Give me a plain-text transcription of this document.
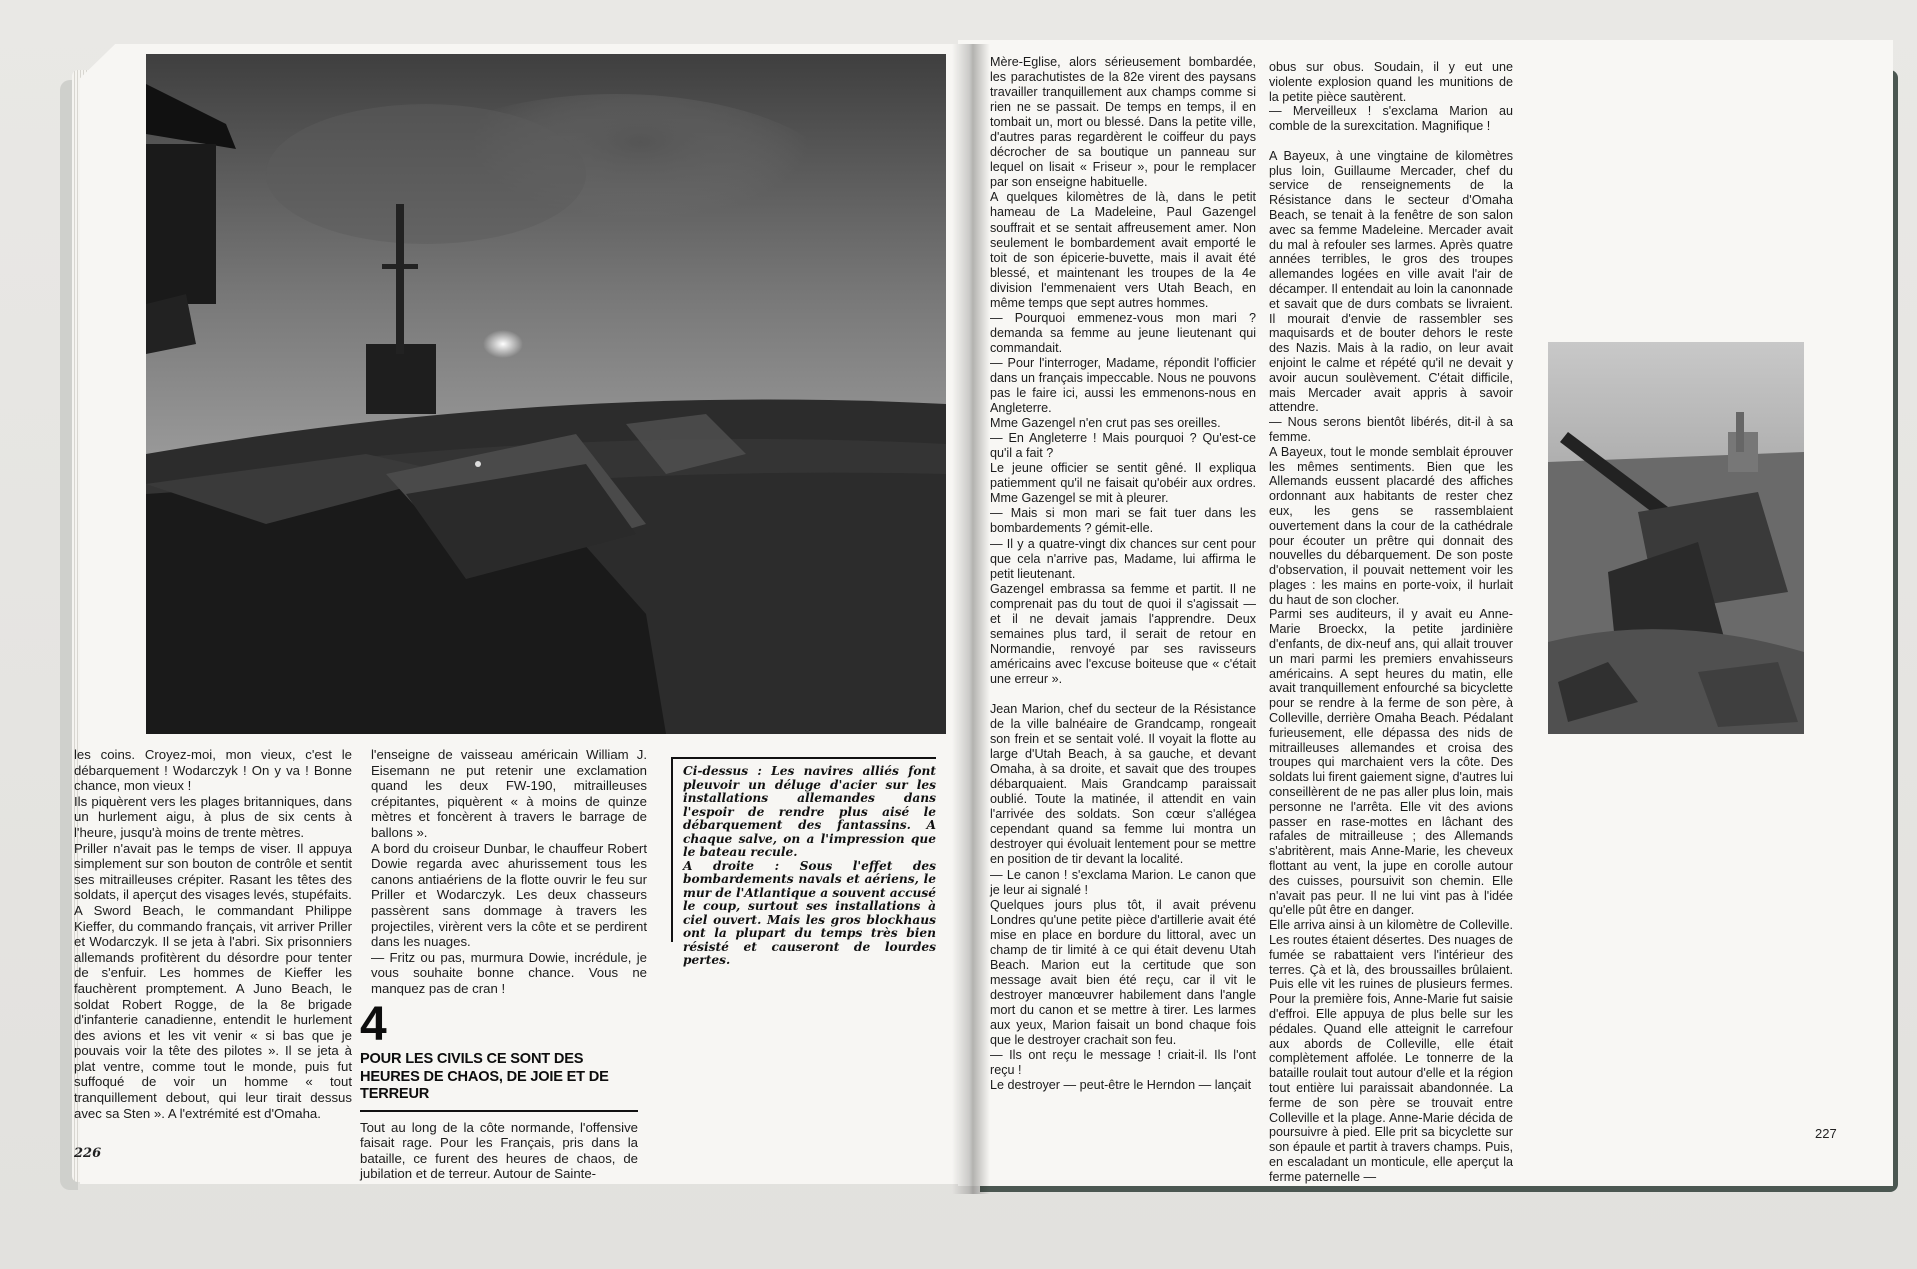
les coins. Croyez-moi, mon vieux, c'est le débarquement ! Wodarczyk ! On y va ! Bonne chance, mon vieux !
Ils piquèrent vers les plages britanniques, dans un hurlement aigu, à plus de six cents à l'heure, jusqu'à moins de trente mètres.
Priller n'avait pas le temps de viser. Il appuya simplement sur son bouton de contrôle et sentit ses mitrailleuses crépiter. Rasant les têtes des soldats, il aperçut des visages levés, stupéfaits.
A Sword Beach, le commandant Philippe Kieffer, du commando français, vit arriver Priller et Wodarczyk. Il se jeta à l'abri. Six prisonniers allemands profitèrent du désordre pour tenter de s'enfuir. Les hommes de Kieffer les fauchèrent promptement. A Juno Beach, le soldat Robert Rogge, de la 8e brigade d'infanterie canadienne, entendit le hurlement des avions et les vit venir « si bas que je pouvais voir la tête des pilotes ». Il se jeta à plat ventre, comme tout le monde, puis fut suffoqué de voir un homme « tout tranquillement debout, qui leur tirait dessus avec sa Sten ». A l'extrémité est d'Omaha.

l'enseigne de vaisseau américain William J. Eisemann ne put retenir une exclamation quand les deux FW-190, mitrailleuses crépitantes, piquèrent « à moins de quinze mètres et foncèrent à travers le barrage de ballons ».
A bord du croiseur Dunbar, le chauffeur Robert Dowie regarda avec ahurissement tous les canons antiaériens de la flotte ouvrir le feu sur Priller et Wodarczyk. Les deux chasseurs passèrent sans dommage à travers les projectiles, virèrent vers la côte et se perdirent dans les nuages.
— Fritz ou pas, murmura Dowie, incrédule, je vous souhaite bonne chance. Vous ne manquez pas de cran !

Ci-dessus : Les navires alliés font pleuvoir un déluge d'acier sur les installations allemandes dans l'espoir de rendre plus aisé le débarquement des fantassins. A chaque salve, on a l'impression que le bateau recule.
A droite : Sous l'effet des bombardements navals et aériens, le mur de l'Atlantique a souvent accusé le coup, surtout ses installations à ciel ouvert. Mais les gros blockhaus ont la plupart du temps très bien résisté et causeront de lourdes pertes.

4
POUR LES CIVILS CE SONT DES HEURES DE CHAOS, DE JOIE ET DE TERREUR

Tout au long de la côte normande, l'offensive faisait rage. Pour les Français, pris dans la bataille, ce furent des heures de chaos, de jubilation et de terreur. Autour de Sainte-

226

Mère-Eglise, alors sérieusement bombardée, les parachutistes de la 82e virent des paysans travailler tranquillement aux champs comme si rien ne se passait. De temps en temps, il en tombait un, mort ou blessé. Dans la petite ville, d'autres paras regardèrent le coiffeur du pays décrocher de sa boutique un panneau sur lequel on lisait « Friseur », pour le remplacer par son enseigne habituelle.
A quelques kilomètres de là, dans le petit hameau de La Madeleine, Paul Gazengel souffrait et se sentait affreusement amer. Non seulement le bombardement avait emporté le toit de son épicerie-buvette, mais il avait été blessé, et maintenant les troupes de la 4e division l'emmenaient vers Utah Beach, en même temps que sept autres hommes.
— Pourquoi emmenez-vous mon mari ? demanda sa femme au jeune lieutenant qui commandait.
— Pour l'interroger, Madame, répondit l'officier dans un français impeccable. Nous ne pouvons pas le faire ici, aussi les emmenons-nous en Angleterre.
Mme Gazengel n'en crut pas ses oreilles.
— En Angleterre ! Mais pourquoi ? Qu'est-ce qu'il a fait ?
Le jeune officier se sentit gêné. Il expliqua patiemment qu'il ne faisait qu'obéir aux ordres. Mme Gazengel se mit à pleurer.
— Mais si mon mari se fait tuer dans les bombardements ? gémit-elle.
— Il y a quatre-vingt dix chances sur cent pour que cela n'arrive pas, Madame, lui affirma le petit lieutenant.
Gazengel embrassa sa femme et partit. Il ne comprenait pas du tout de quoi il s'agissait — et il ne devait jamais l'apprendre. Deux semaines plus tard, il serait de retour en Normandie, renvoyé par ses ravisseurs américains avec l'excuse boiteuse que « c'était une erreur ».

Jean Marion, chef du secteur de la Résistance de la ville balnéaire de Grandcamp, rongeait son frein et se sentait volé. Il voyait la flotte au large d'Utah Beach, à sa gauche, et devant Omaha, à sa droite, et savait que des troupes débarquaient. Mais Grandcamp paraissait oublié. Toute la matinée, il attendit en vain l'arrivée des soldats. Son cœur s'allégea cependant quand sa femme lui montra un destroyer qui évoluait lentement pour se mettre en position de tir devant la localité.
— Le canon ! s'exclama Marion. Le canon que je leur ai signalé !
Quelques jours plus tôt, il avait prévenu Londres qu'une petite pièce d'artillerie avait été mise en place en bordure du littoral, avec un champ de tir limité à ce qui était devenu Utah Beach. Marion eut la certitude que son message avait bien été reçu, car il vit le destroyer manœuvrer habilement dans l'angle mort du canon et se mettre à tirer. Les larmes aux yeux, Marion faisait un bond chaque fois que le destroyer crachait son feu.
— Ils ont reçu le message ! criait-il. Ils l'ont reçu !
Le destroyer — peut-être le Herndon — lançait

obus sur obus. Soudain, il y eut une violente explosion quand les munitions de la petite pièce sautèrent.
— Merveilleux ! s'exclama Marion au comble de la surexcitation. Magnifique !

A Bayeux, à une vingtaine de kilomètres plus loin, Guillaume Mercader, chef du service de renseignements de la Résistance dans le secteur d'Omaha Beach, se tenait à la fenêtre de son salon avec sa femme Madeleine. Mercader avait du mal à refouler ses larmes. Après quatre années terribles, le gros des troupes allemandes logées en ville avait l'air de décamper. Il entendait au loin la canonnade et savait que de durs combats se livraient. Il mourait d'envie de rassembler ses maquisards et de bouter dehors le reste des Nazis. Mais à la radio, on leur avait enjoint le calme et répété qu'il ne devait y avoir aucun soulèvement. C'était difficile, mais Mercader avait appris à savoir attendre.
— Nous serons bientôt libérés, dit-il à sa femme.
A Bayeux, tout le monde semblait éprouver les mêmes sentiments. Bien que les Allemands eussent placardé des affiches ordonnant aux habitants de rester chez eux, les gens se rassemblaient ouvertement dans la cour de la cathédrale pour écouter un prêtre qui donnait des nouvelles du débarquement. De son poste d'observation, il pouvait nettement voir les plages : les mains en porte-voix, il hurlait du haut de son clocher.
Parmi ses auditeurs, il y avait eu Anne-Marie Broeckx, la petite jardinière d'enfants, de dix-neuf ans, qui allait trouver un mari parmi les premiers envahisseurs américains. A sept heures du matin, elle avait tranquillement enfourché sa bicyclette pour se rendre à la ferme de son père, à Colleville, derrière Omaha Beach. Pédalant furieusement, elle dépassa des nids de mitrailleuses allemandes et croisa des troupes qui marchaient vers la côte. Des soldats lui firent gaiement signe, d'autres lui conseillèrent de ne pas aller plus loin, mais personne ne l'arrêta. Elle vit des avions passer en rase-mottes en lâchant des rafales de mitrailleuse ; des Allemands s'abritèrent, mais Anne-Marie, les cheveux flottant au vent, la jupe en corolle autour des cuisses, poursuivit son chemin. Elle n'avait pas peur. Il ne lui vint pas à l'idée qu'elle pût être en danger.
Elle arriva ainsi à un kilomètre de Colleville. Les routes étaient désertes. Des nuages de fumée se rabattaient vers l'intérieur des terres. Çà et là, des broussailles brûlaient. Puis elle vit les ruines de plusieurs fermes. Pour la première fois, Anne-Marie fut saisie d'effroi. Elle appuya de plus belle sur les pédales. Quand elle atteignit le carrefour aux abords de Colleville, elle était complètement affolée. Le tonnerre de la bataille roulait tout autour d'elle et la région tout entière lui paraissait abandonnée. La ferme de son père se trouvait entre Colleville et la plage. Anne-Marie décida de poursuivre à pied. Elle prit sa bicyclette sur son épaule et partit à travers champs. Puis, en escaladant un monticule, elle aperçut la ferme paternelle —

227
